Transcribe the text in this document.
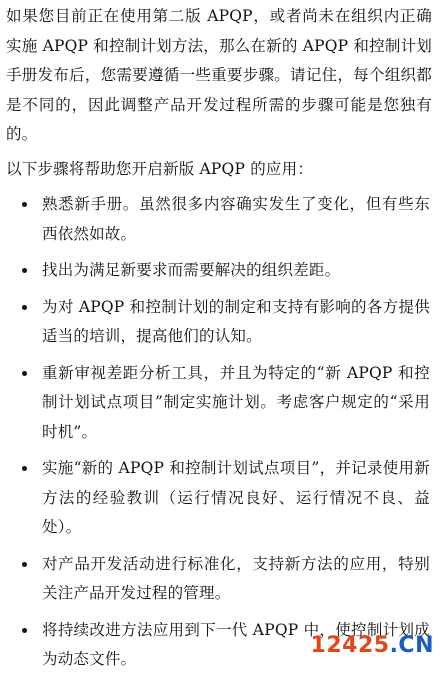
如果您目前正在使用第二版 APQP，或者尚未在组织内正确实施 APQP 和控制计划方法，那么在新的 APQP 和控制计划手册发布后，您需要遵循一些重要步骤。请记住，每个组织都是不同的，因此调整产品开发过程所需的步骤可能是您独有的。

以下步骤将帮助您开启新版 APQP 的应用：

熟悉新手册。虽然很多内容确实发生了变化，但有些东西依然如故。
找出为满足新要求而需要解决的组织差距。
为对 APQP 和控制计划的制定和支持有影响的各方提供适当的培训，提高他们的认知。
重新审视差距分析工具，并且为特定的“新 APQP 和控制计划试点项目”制定实施计划。考虑客户规定的“采用时机”。
实施“新的 APQP 和控制计划试点项目”，并记录使用新方法的经验教训（运行情况良好、运行情况不良、益处）。
对产品开发活动进行标准化，支持新方法的应用，特别关注产品开发过程的管理。
将持续改进方法应用到下一代 APQP 中，使控制计划成为动态文件。
12425.CN
